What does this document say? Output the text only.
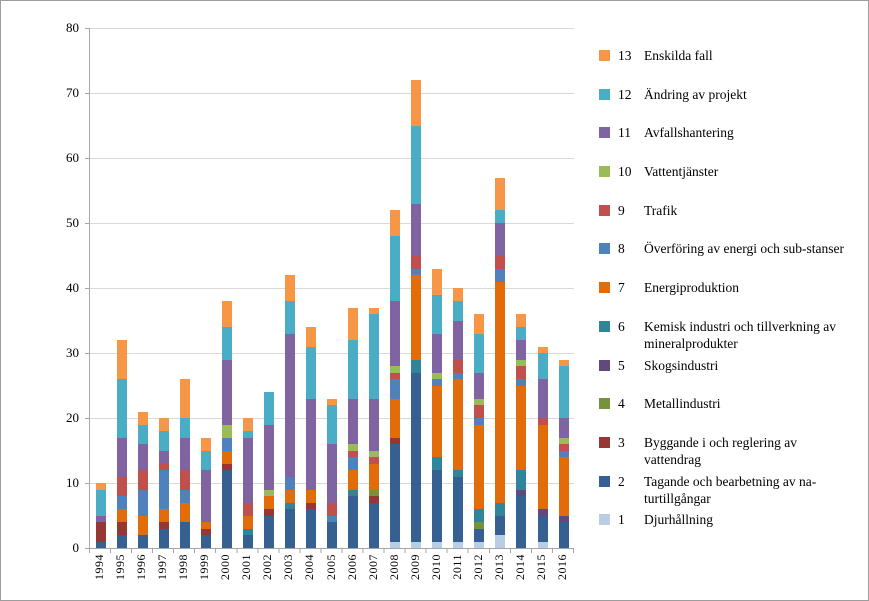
0
10
20
30
40
50
60
70
80
1994 1995 1996 1997 1998 1999 2000 2001 2002 2003 2004 2005 2006 2007 2008 2009 2010 2011 2012 2013 2014 2015 2016
13 Enskilda fall
12 Ändring av projekt
11 Avfallshantering
10 Vattentjänster
9	Trafik
8	Överföring av energi och sub-stanser
7	Energiproduktion
6	Kemisk industri och tillverkning av mineralprodukter
5	Skogsindustri
4	Metallindustri
3	Byggande i och reglering av vattendrag
2	Tagande och bearbetning av na-turtillgångar
1	Djurhållning
